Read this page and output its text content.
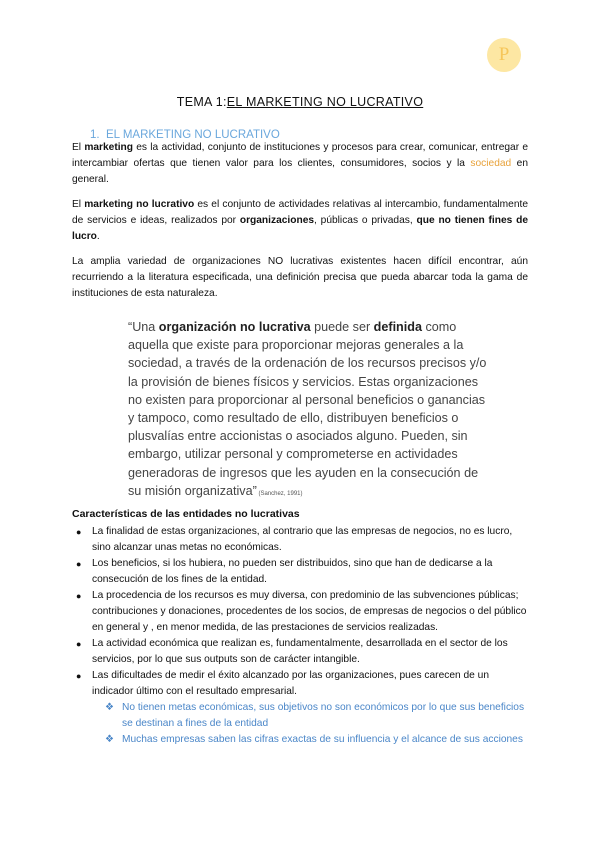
P
TEMA 1:EL MARKETING NO LUCRATIVO
1. EL MARKETING NO LUCRATIVO

El marketing es la actividad, conjunto de instituciones y procesos para crear, comunicar, entregar e intercambiar ofertas que tienen valor para los clientes, consumidores, socios y la sociedad en general.

El marketing no lucrativo es el conjunto de actividades relativas al intercambio, fundamentalmente de servicios e ideas, realizados por organizaciones, públicas o privadas, que no tienen fines de lucro.

La amplia variedad de organizaciones NO lucrativas existentes hacen difícil encontrar, aún recurriendo a la literatura especificada, una definición precisa que pueda abarcar toda la gama de instituciones de esta naturaleza.

“Una organización no lucrativa puede ser definida como aquella que existe para proporcionar mejoras generales a la sociedad, a través de la ordenación de los recursos precisos y/o la provisión de bienes físicos y servicios. Estas organizaciones no existen para proporcionar al personal beneficios o ganancias y tampoco, como resultado de ello, distribuyen beneficios o plusvalías entre accionistas o asociados alguno. Pueden, sin embargo, utilizar personal y comprometerse en actividades generadoras de ingresos que les ayuden en la consecución de su misión organizativa” (Sanchez, 1991)
Características de las entidades no lucrativas
● La finalidad de estas organizaciones, al contrario que las empresas de negocios, no es lucro, sino alcanzar unas metas no económicas.
● Los beneficios, si los hubiera, no pueden ser distribuidos, sino que han de dedicarse a la consecución de los fines de la entidad.
● La procedencia de los recursos es muy diversa, con predominio de las subvenciones públicas; contribuciones y donaciones, procedentes de los socios, de empresas de negocios o del público en general y , en menor medida, de las prestaciones de servicios realizadas.
● La actividad económica que realizan es, fundamentalmente, desarrollada en el sector de los servicios, por lo que sus outputs son de carácter intangible.
● Las dificultades de medir el éxito alcanzado por las organizaciones, pues carecen de un indicador último con el resultado empresarial.
❖ No tienen metas económicas, sus objetivos no son económicos por lo que sus beneficios se destinan a fines de la entidad
❖ Muchas empresas saben las cifras exactas de su influencia y el alcance de sus acciones
